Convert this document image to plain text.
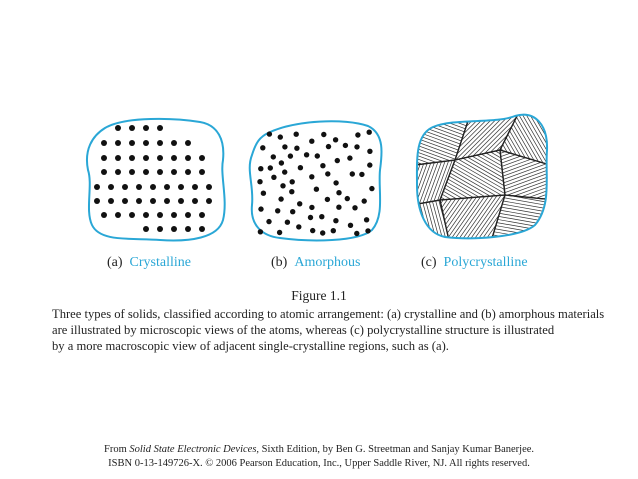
(a) Crystalline	(b) Amorphous	(c) Polycrystalline
Figure 1.1
Three types of solids, classified according to atomic arrangement: (a) crystalline and (b) amorphous materials
are illustrated by microscopic views of the atoms, whereas (c) polycrystalline structure is illustrated
by a more macroscopic view of adjacent single-crystalline regions, such as (a).
From Solid State Electronic Devices, Sixth Edition, by Ben G. Streetman and Sanjay Kumar Banerjee.
ISBN 0-13-149726-X. © 2006 Pearson Education, Inc., Upper Saddle River, NJ. All rights reserved.
